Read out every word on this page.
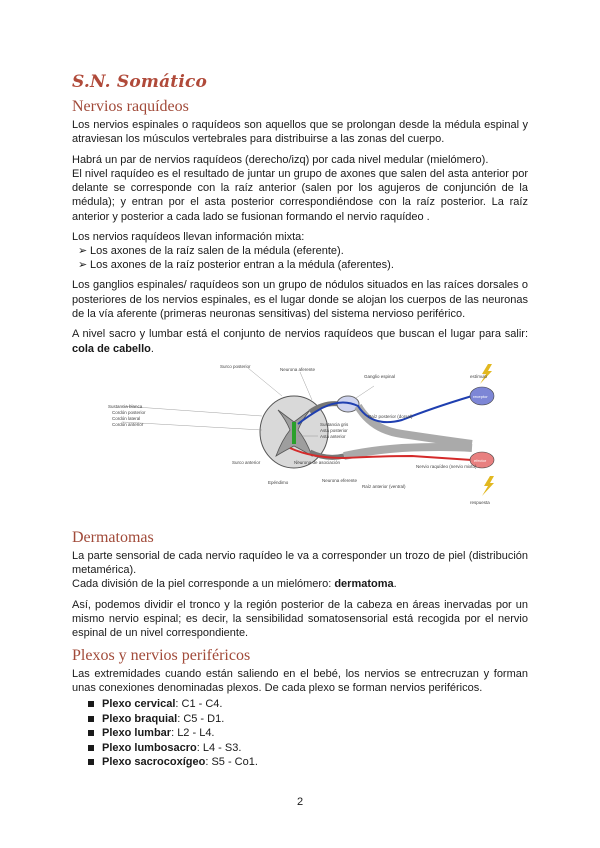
S.N. Somático
Nervios raquídeos

Los nervios espinales o raquídeos son aquellos que se prolongan desde la médula espinal y atraviesan los músculos vertebrales para distribuirse a las zonas del cuerpo.

Habrá un par de nervios raquídeos (derecho/izq) por cada nivel medular (mielómero).

El nivel raquídeo es el resultado de juntar un grupo de axones que salen del asta anterior por delante se corresponde con la raíz anterior (salen por los agujeros de conjunción de la médula); y entran por el asta posterior correspondiéndose con la raíz posterior. La raíz anterior y posterior a cada lado se fusionan formando el nervio raquídeo .

Los nervios raquídeos llevan información mixta:

➢ Los axones de la raíz salen de la médula (eferente).
➢ Los axones de la raíz posterior entran a la médula (aferentes).

Los ganglios espinales/ raquídeos son un grupo de nódulos situados en las raíces dorsales o posteriores de los nervios espinales, es el lugar donde se alojan los cuerpos de las neuronas de la vía aferente (primeras neuronas sensitivas) del sistema nervioso periférico.

A nivel sacro y lumbar está el conjunto de nervios raquídeos que buscan el lugar para salir: cola de cabello.

Surco posterior
Neurona aferente
Ganglio espinal
Raíz posterior (dorsal)
estímulo
receptor
Sustancia blanca
Cordón posterior
Cordón lateral
Cordón anterior	Sustancia gris
Asta posterior
Asta anterior
Surco anterior	Neurona de asociación
Epéndimo	Neurona eferente
Raíz anterior (ventral)
Nervio raquídeo (nervio mixto)
efector
respuesta
Dermatomas

La parte sensorial de cada nervio raquídeo le va a corresponder un trozo de piel (distribución metamérica).

Cada división de la piel corresponde a un mielómero: dermatoma.

Así, podemos dividir el tronco y la región posterior de la cabeza en áreas inervadas por un mismo nervio espinal; es decir, la sensibilidad somatosensorial está recogida por el nervio espinal de un nivel correspondiente.

Plexos y nervios periféricos

Las extremidades cuando están saliendo en el bebé, los nervios se entrecruzan y forman unas conexiones denominadas plexos. De cada plexo se forman nervios periféricos.

Plexo cervical: C1 - C4.
Plexo braquial: C5 - D1.
Plexo lumbar: L2 - L4.
Plexo lumbosacro: L4 - S3.
Plexo sacrocoxígeo: S5 - Co1.
2
